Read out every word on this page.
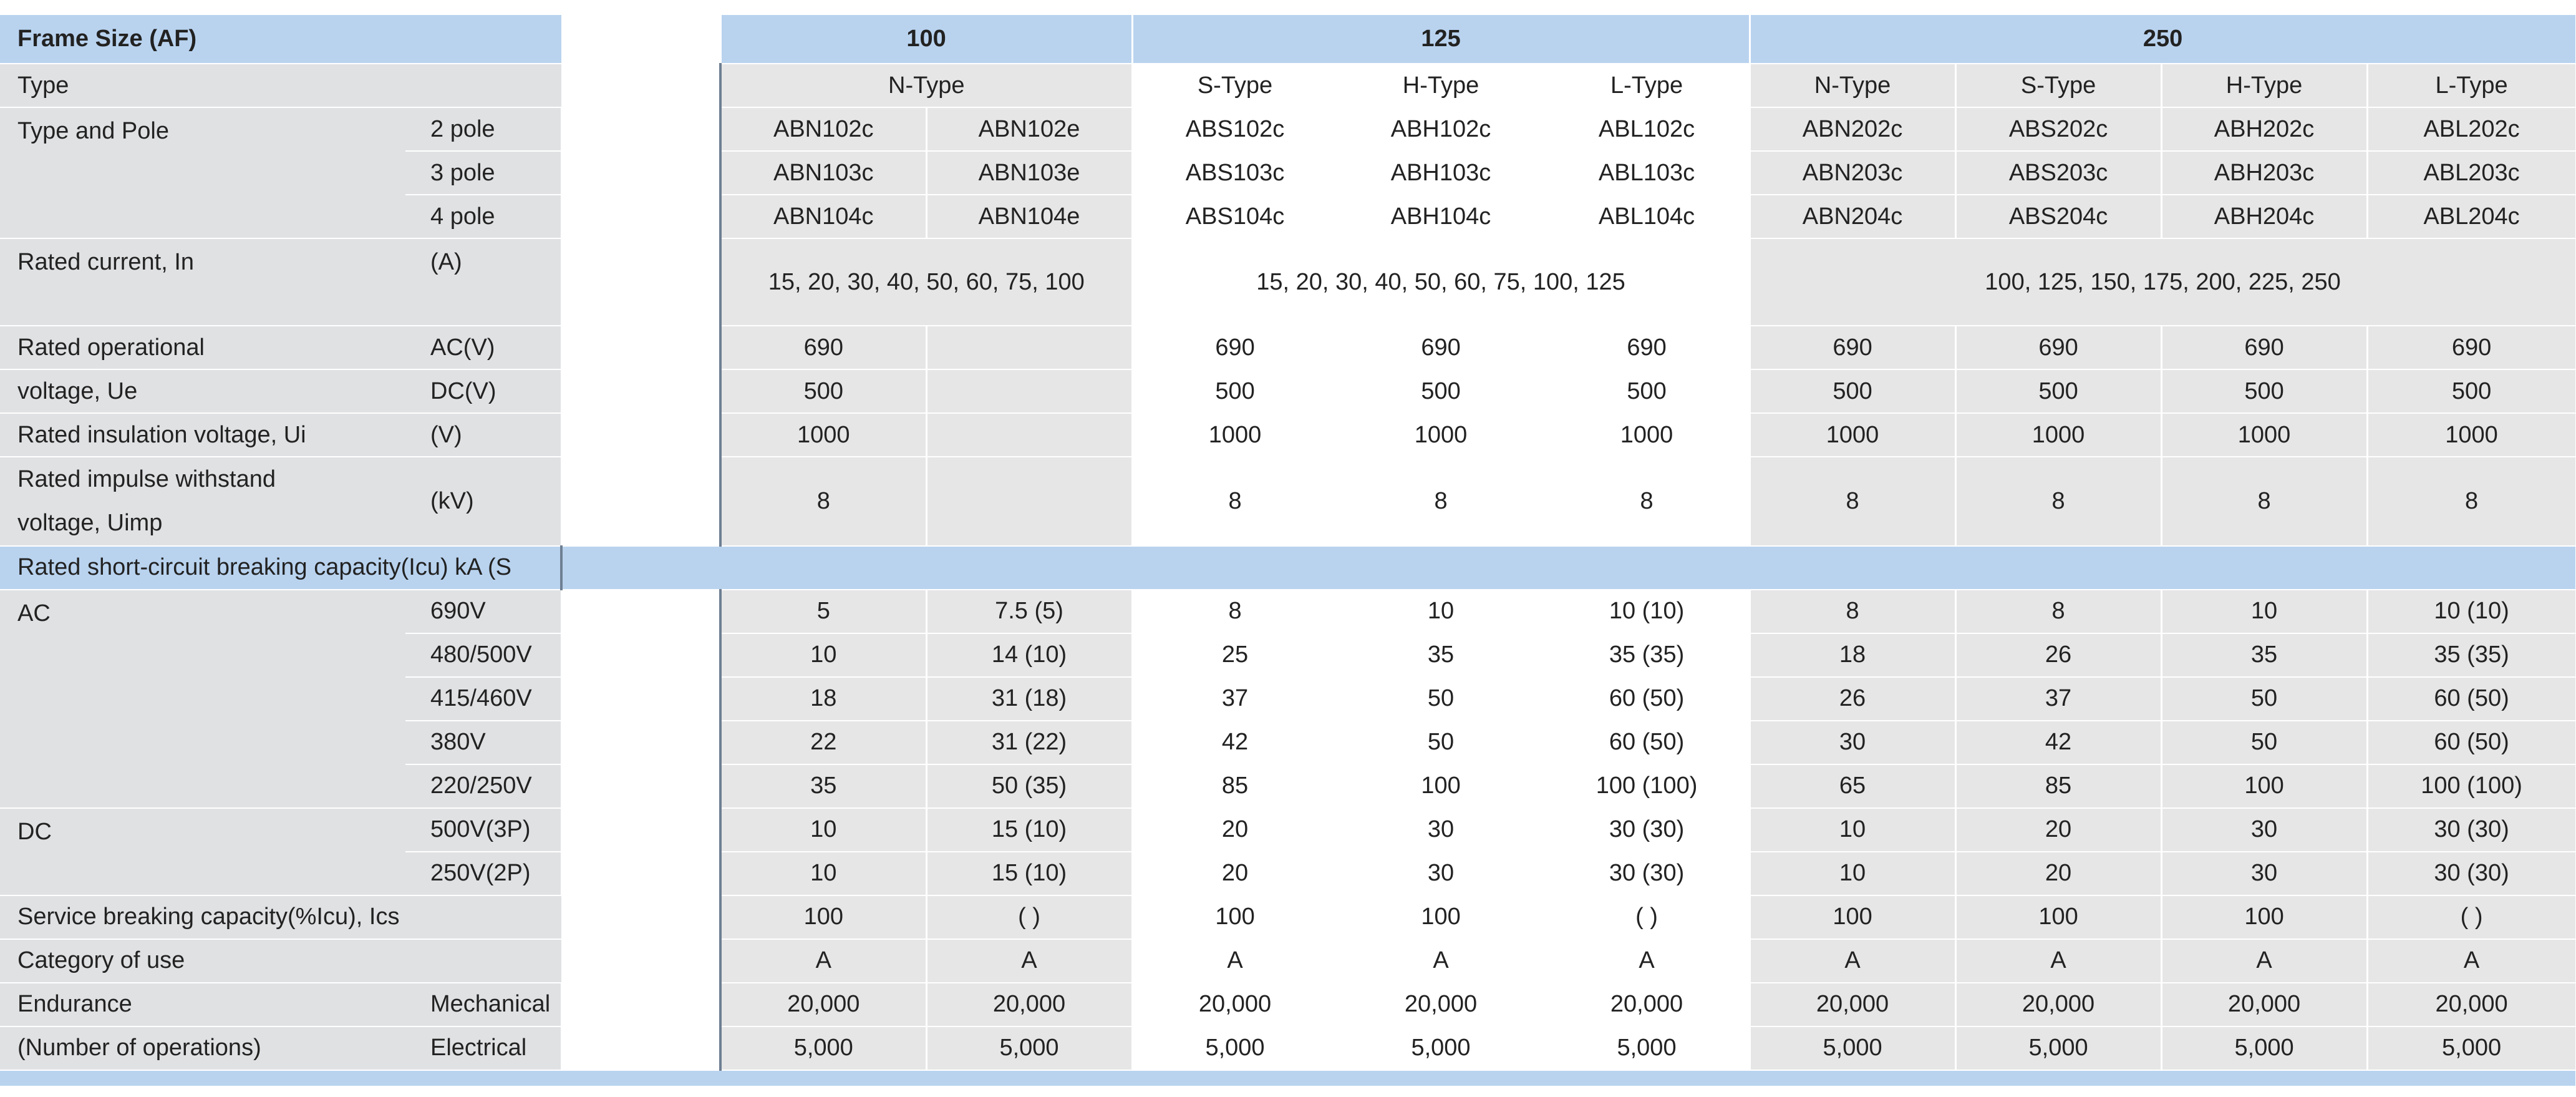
Frame Size (AF)			100		125			250			
Type			N-Type		S-Type	H-Type	L-Type	N-Type	S-Type	H-Type	L-Type
Type and Pole	2 pole		ABN102c	ABN102e	ABS102c	ABH102c	ABL102c	ABN202c	ABS202c	ABH202c	ABL202c
	3 pole		ABN103c	ABN103e	ABS103c	ABH103c	ABL103c	ABN203c	ABS203c	ABH203c	ABL203c
	4 pole		ABN104c	ABN104e	ABS104c	ABH104c	ABL104c	ABN204c	ABS204c	ABH204c	ABL204c
Rated current, In	(A)		15, 20, 30, 40, 50, 60, 75, 100		15, 20, 30, 40, 50, 60, 75, 100, 125			100, 125, 150, 175, 200, 225, 250			
Rated operational	AC(V)		690		690	690	690	690	690	690	690
voltage, Ue	DC(V)		500		500	500	500	500	500	500	500
Rated insulation voltage, Ui	(V)		1000		1000	1000	1000	1000	1000	1000	1000
Rated impulse withstand
voltage, Uimp	(kV)		8		8	8	8	8	8	8	8
Rated short-circuit breaking capacity(Icu) kA (S											
AC	690V		5	7.5 (5)	8	10	10 (10)	8	8	10	10 (10)
	480/500V		10	14 (10)	25	35	35 (35)	18	26	35	35 (35)
	415/460V		18	31 (18)	37	50	60 (50)	26	37	50	60 (50)
	380V		22	31 (22)	42	50	60 (50)	30	42	50	60 (50)
	220/250V		35	50 (35)	85	100	100 (100)	65	85	100	100 (100)
DC	500V(3P)		10	15 (10)	20	30	30 (30)	10	20	30	30 (30)
	250V(2P)		10	15 (10)	20	30	30 (30)	10	20	30	30 (30)
Service breaking capacity(%Icu), Ics			100	( )	100	100	( )	100	100	100	( )
Category of use			A	A	A	A	A	A	A	A	A
Endurance	Mechanical		20,000	20,000	20,000	20,000	20,000	20,000	20,000	20,000	20,000
(Number of operations)	Electrical		5,000	5,000	5,000	5,000	5,000	5,000	5,000	5,000	5,000
